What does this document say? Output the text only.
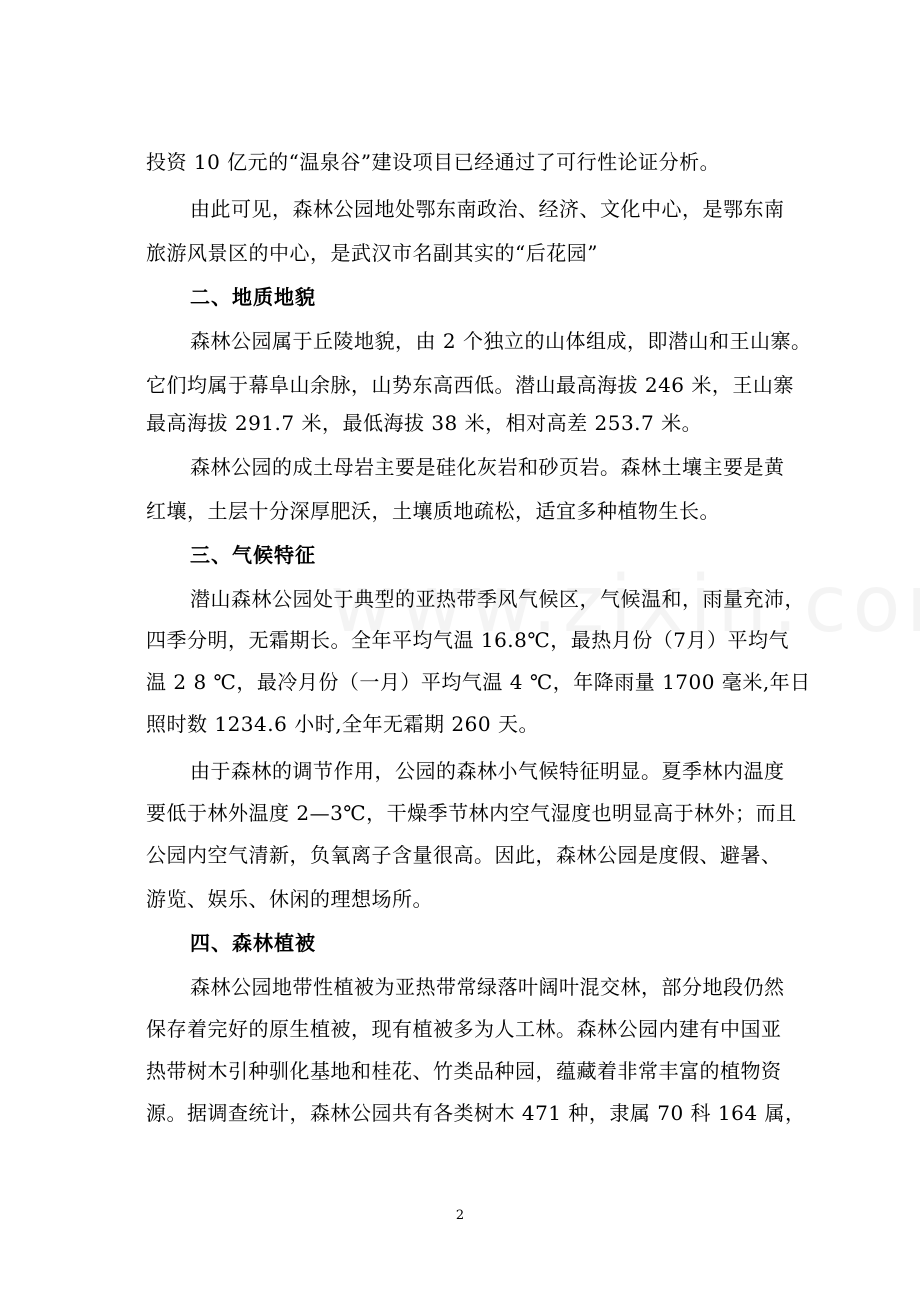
投资 10 亿元的“温泉谷”建设项目已经通过了可行性论证分析。
由此可见，森林公园地处鄂东南政治、经济、文化中心，是鄂东南
旅游风景区的中心，是武汉市名副其实的“后花园”
二、地质地貌
森林公园属于丘陵地貌，由 2 个独立的山体组成，即潜山和王山寨。
它们均属于幕阜山余脉，山势东高西低。潜山最高海拔 246 米，王山寨
最高海拔 291.7 米，最低海拔 38 米，相对高差 253.7 米。
森林公园的成土母岩主要是硅化灰岩和砂页岩。森林土壤主要是黄
红壤，土层十分深厚肥沃，土壤质地疏松，适宜多种植物生长。
三、气候特征
潜山森林公园处于典型的亚热带季风气候区，气候温和，雨量充沛，
四季分明，无霜期长。全年平均气温 16.8℃，最热月份（7月）平均气
温 2 8 ℃，最冷月份（一月）平均气温 4 ℃，年降雨量 1700 毫米,年日
照时数 1234.6 小时,全年无霜期 260 天。
由于森林的调节作用，公园的森林小气候特征明显。夏季林内温度
要低于林外温度 2—3℃，干燥季节林内空气湿度也明显高于林外；而且
公园内空气清新，负氧离子含量很高。因此，森林公园是度假、避暑、
游览、娱乐、休闲的理想场所。
四、森林植被
森林公园地带性植被为亚热带常绿落叶阔叶混交林，部分地段仍然
保存着完好的原生植被，现有植被多为人工林。森林公园内建有中国亚
热带树木引种驯化基地和桂花、竹类品种园，蕴藏着非常丰富的植物资
源。据调查统计，森林公园共有各类树木 471 种，隶属 70 科 164 属，
2
